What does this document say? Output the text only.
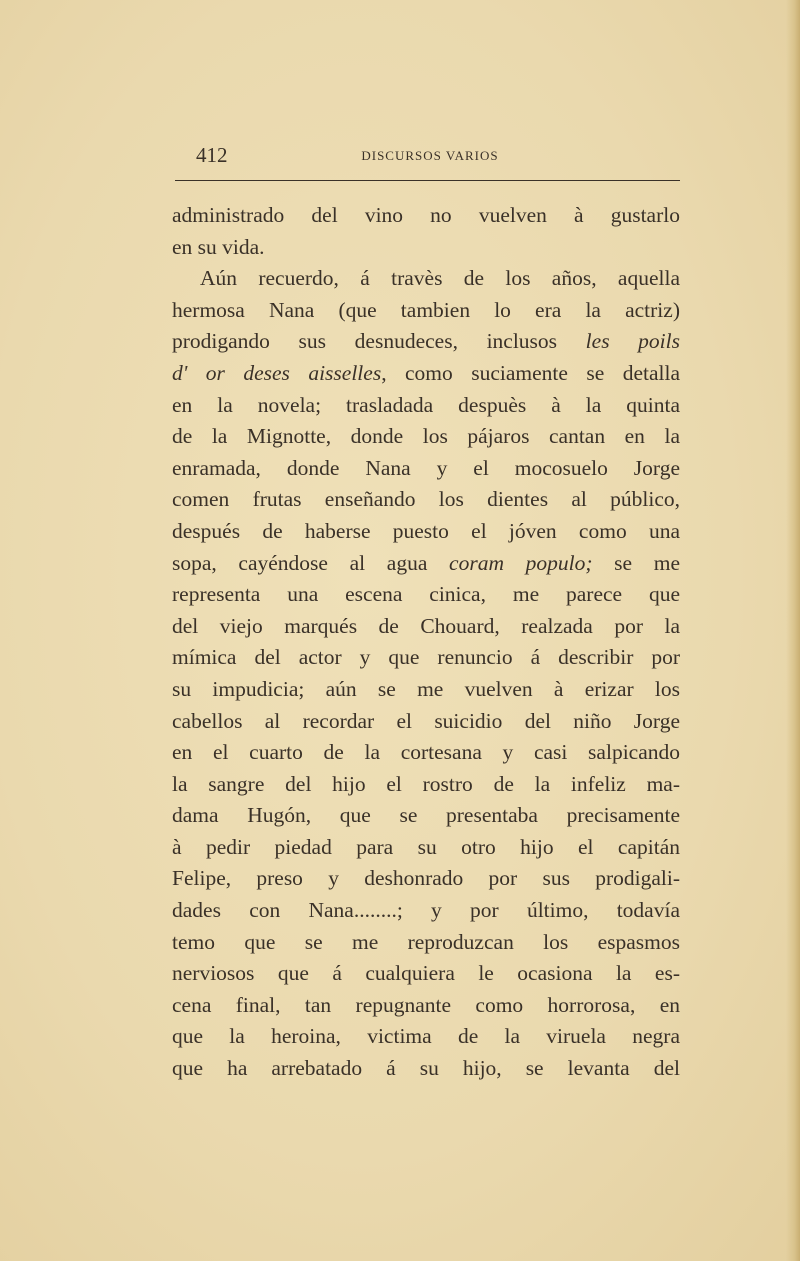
412	DISCURSOS VARIOS
administrado del vino no vuelven à gustarlo
en su vida.
Aún recuerdo, á travès de los años, aquella
hermosa Nana (que tambien lo era la actriz)
prodigando sus desnudeces, inclusos les poils
d' or deses aisselles, como suciamente se detalla
en la novela; trasladada despuès à la quinta
de la Mignotte, donde los pájaros cantan en la
enramada, donde Nana y el mocosuelo Jorge
comen frutas enseñando los dientes al público,
después de haberse puesto el jóven como una
sopa, cayéndose al agua coram populo; se me
representa una escena cinica, me parece que
del viejo marqués de Chouard, realzada por la
mímica del actor y que renuncio á describir por
su impudicia; aún se me vuelven à erizar los
cabellos al recordar el suicidio del niño Jorge
en el cuarto de la cortesana y casi salpicando
la sangre del hijo el rostro de la infeliz ma-
dama Hugón, que se presentaba precisamente
à pedir piedad para su otro hijo el capitán
Felipe, preso y deshonrado por sus prodigali-
dades con Nana........; y por último, todavía
temo que se me reproduzcan los espasmos
nerviosos que á cualquiera le ocasiona la es-
cena final, tan repugnante como horrorosa, en
que la heroina, victima de la viruela negra
que ha arrebatado á su hijo, se levanta del
